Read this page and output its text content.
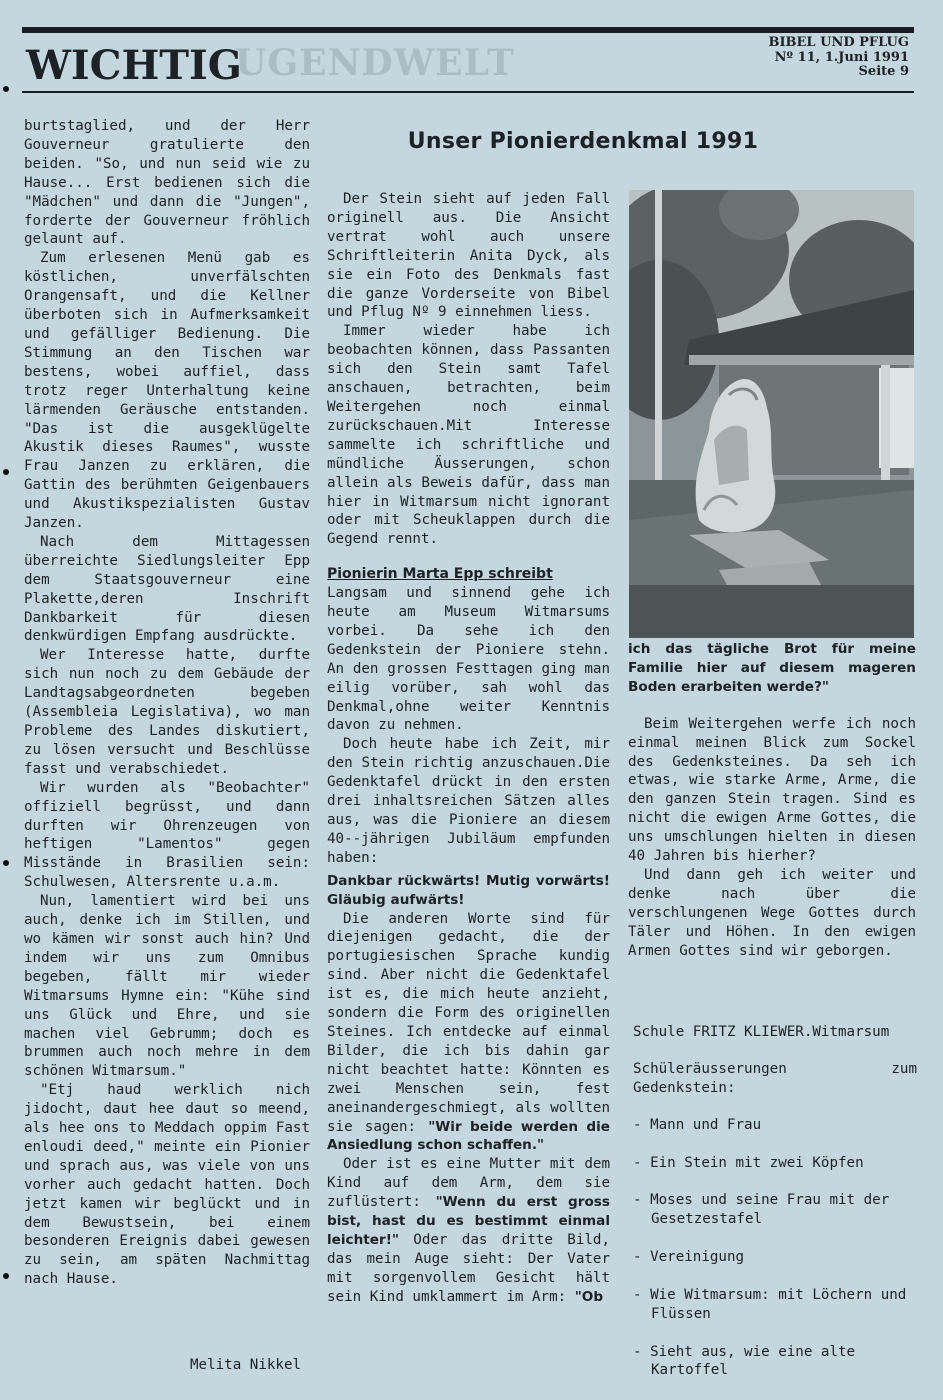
UGENDWELT
WICHTIG	BIBEL UND PFLUG
Nº 11, 1.Juni 1991
Seite 9

burtstaglied, und der Herr Gouverneur gratulierte den beiden. "So, und nun seid wie zu Hause... Erst bedienen sich die "Mädchen" und dann die "Jungen", forderte der Gouverneur fröhlich gelaunt auf.

Zum erlesenen Menü gab es köstlichen, unverfälschten Orangensaft, und die Kellner überboten sich in Aufmerksamkeit und gefälliger Bedienung. Die Stimmung an den Tischen war bestens, wobei auffiel, dass trotz reger Unterhaltung keine lärmenden Geräusche entstanden. "Das ist die ausgeklügelte Akustik dieses Raumes", wusste Frau Janzen zu erklären, die Gattin des berühmten Geigenbauers und Akustikspezialisten Gustav Janzen.

Nach dem Mittagessen überreichte Siedlungsleiter Epp dem Staatsgouverneur eine Plakette,deren Inschrift Dankbarkeit für diesen denkwürdigen Empfang ausdrückte.

Wer Interesse hatte, durfte sich nun noch zu dem Gebäude der Landtagsabgeordneten begeben (Assembleia Legislativa), wo man Probleme des Landes diskutiert, zu lösen versucht und Beschlüsse fasst und verabschiedet.

Wir wurden als "Beobachter" offiziell begrüsst, und dann durften wir Ohrenzeugen von heftigen "Lamentos" gegen Misstände in Brasilien sein: Schulwesen, Altersrente u.a.m.

Nun, lamentiert wird bei uns auch, denke ich im Stillen, und wo kämen wir sonst auch hin? Und indem wir uns zum Omnibus begeben, fällt mir wieder Witmarsums Hymne ein: "Kühe sind uns Glück und Ehre, und sie machen viel Gebrumm; doch es brummen auch noch mehre in dem schönen Witmarsum."

"Etj haud werklich nich jidocht, daut hee daut so meend, als hee ons to Meddach oppim Fast enloudi deed," meinte ein Pionier und sprach aus, was viele von uns vorher auch gedacht hatten. Doch jetzt kamen wir beglückt und in dem Bewustsein, bei einem besonderen Ereignis dabei gewesen zu sein, am späten Nachmittag nach Hause.

Melita Nikkel
Unser Pionierdenkmal 1991

Der Stein sieht auf jeden Fall originell aus. Die Ansicht vertrat wohl auch unsere Schriftleiterin Anita Dyck, als sie ein Foto des Denkmals fast die ganze Vorderseite von Bibel und Pflug Nº 9 einnehmen liess.

Immer wieder habe ich beobachten können, dass Passanten sich den Stein samt Tafel anschauen, betrachten, beim Weitergehen noch einmal zurückschauen.Mit Interesse sammelte ich schriftliche und mündliche Äusserungen, schon allein als Beweis dafür, dass man hier in Witmarsum nicht ignorant oder mit Scheuklappen durch die Gegend rennt.

Pionierin Marta Epp schreibt

Langsam und sinnend gehe ich heute am Museum Witmarsums vorbei. Da sehe ich den Gedenkstein der Pioniere stehn. An den grossen Festtagen ging man eilig vorüber, sah wohl das Denkmal,ohne weiter Kenntnis davon zu nehmen.

Doch heute habe ich Zeit, mir den Stein richtig anzuschauen.Die Gedenktafel drückt in den ersten drei inhaltsreichen Sätzen alles aus, was die Pioniere an diesem 40--jährigen Jubiläum empfunden haben:

Dankbar rückwärts! Mutig vorwärts! Gläubig aufwärts!

Die anderen Worte sind für diejenigen gedacht, die der portugiesischen Sprache kundig sind. Aber nicht die Gedenktafel ist es, die mich heute anzieht, sondern die Form des originellen Steines. Ich entdecke auf einmal Bilder, die ich bis dahin gar nicht beachtet hatte: Könnten es zwei Menschen sein, fest aneinandergeschmiegt, als wollten sie sagen: "Wir beide werden die Ansiedlung schon schaffen."

Oder ist es eine Mutter mit dem Kind auf dem Arm, dem sie zuflüstert: "Wenn du erst gross bist, hast du es bestimmt einmal leichter!" Oder das dritte Bild, das mein Auge sieht: Der Vater mit sorgenvollem Gesicht hält sein Kind umklammert im Arm: "Ob

ich das tägliche Brot für meine Familie hier auf diesem mageren Boden erarbeiten werde?"

Beim Weitergehen werfe ich noch einmal meinen Blick zum Sockel des Gedenksteines. Da seh ich etwas, wie starke Arme, Arme, die den ganzen Stein tragen. Sind es nicht die ewigen Arme Gottes, die uns umschlungen hielten in diesen 40 Jahren bis hierher?

Und dann geh ich weiter und denke nach über die verschlungenen Wege Gottes durch Täler und Höhen. In den ewigen Armen Gottes sind wir geborgen.

Schule FRITZ KLIEWER.Witmarsum

Schüleräusserungen zum Gedenkstein:

- Mann und Frau
- Ein Stein mit zwei Köpfen
- Moses und seine Frau mit der Gesetzestafel
- Vereinigung
- Wie Witmarsum: mit Löchern und Flüssen
- Sieht aus, wie eine alte Kartoffel
